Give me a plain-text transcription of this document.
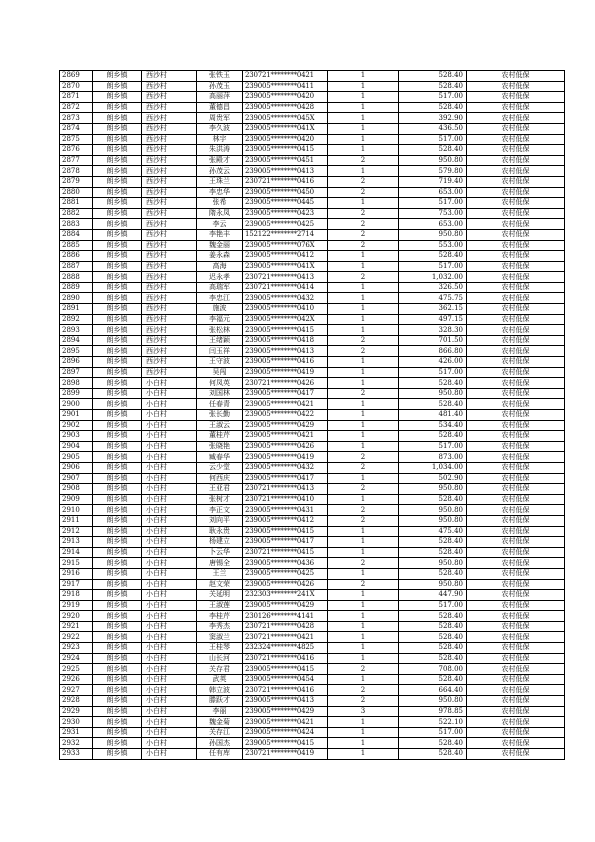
2869	朗乡镇	西沙村	张铁玉	230721********0421	1	528.40	农村低保
2870	朗乡镇	西沙村	孙茂玉	239005********0411	1	528.40	农村低保
2871	朗乡镇	西沙村	高丽萍	239005********0420	1	517.00	农村低保
2872	朗乡镇	西沙村	董德昌	239005********0428	1	528.40	农村低保
2873	朗乡镇	西沙村	周贵军	239005********045X	1	392.90	农村低保
2874	朗乡镇	西沙村	李久波	239005********041X	1	436.50	农村低保
2875	朗乡镇	西沙村	林宇	239005********0420	1	517.00	农村低保
2876	朗乡镇	西沙村	朱洪涛	239005********0415	1	528.40	农村低保
2877	朗乡镇	西沙村	张殿才	239005********0451	2	950.80	农村低保
2878	朗乡镇	西沙村	孙茂云	239005********0413	1	579.80	农村低保
2879	朗乡镇	西沙村	王珠兰	230721********0416	2	719.40	农村低保
2880	朗乡镇	西沙村	李忠华	239005********0450	2	653.00	农村低保
2881	朗乡镇	西沙村	张希	239005********0445	1	517.00	农村低保
2882	朗乡镇	西沙村	隋永凤	239005********0423	2	753.00	农村低保
2883	朗乡镇	西沙村	李云	239005********0425	2	653.00	农村低保
2884	朗乡镇	西沙村	李艳丰	152122********2714	2	950.80	农村低保
2885	朗乡镇	西沙村	魏金丽	239005********076X	2	553.00	农村低保
2886	朗乡镇	西沙村	姜永森	239005********0412	1	528.40	农村低保
2887	朗乡镇	西沙村	高海	239005********041X	1	517.00	农村低保
2888	朗乡镇	西沙村	迟永孝	230721********0413	2	1,032.00	农村低保
2889	朗乡镇	西沙村	高瑞军	230721********0414	1	326.50	农村低保
2890	朗乡镇	西沙村	李忠江	239005********0432	1	475.75	农村低保
2891	朗乡镇	西沙村	施波	239005********0410	1	362.15	农村低保
2892	朗乡镇	西沙村	李福元	239005********042X	1	497.15	农村低保
2893	朗乡镇	西沙村	张松林	239005********0415	1	328.30	农村低保
2894	朗乡镇	西沙村	王绪颖	239005********0418	2	701.50	农村低保
2895	朗乡镇	西沙村	闫玉祥	239005********0413	2	866.80	农村低保
2896	朗乡镇	西沙村	王守波	239005********0416	1	426.00	农村低保
2897	朗乡镇	西沙村	吴闯	239005********0419	1	517.00	农村低保
2898	朗乡镇	小白村	何凤英	230721********0426	1	528.40	农村低保
2899	朗乡镇	小白村	刘国林	239005********0417	2	950.80	农村低保
2900	朗乡镇	小白村	任春青	239005********0421	1	528.40	农村低保
2901	朗乡镇	小白村	张长勤	239005********0422	1	481.40	农村低保
2902	朗乡镇	小白村	王淑云	239005********0429	1	534.40	农村低保
2903	朗乡镇	小白村	董桂芹	239005********0421	1	528.40	农村低保
2904	朗乡镇	小白村	张晓艳	239005********0426	1	517.00	农村低保
2905	朗乡镇	小白村	臧春华	239005********0419	2	873.00	农村低保
2906	朗乡镇	小白村	云少堂	239005********0432	2	1,034.00	农村低保
2907	朗乡镇	小白村	何西庆	239005********0417	1	502.90	农村低保
2908	朗乡镇	小白村	王亚君	230721********0413	2	950.80	农村低保
2909	朗乡镇	小白村	张树才	230721********0410	1	528.40	农村低保
2910	朗乡镇	小白村	李正文	239005********0431	2	950.80	农村低保
2911	朗乡镇	小白村	刘向平	239005********0412	2	950.80	农村低保
2912	朗乡镇	小白村	耿永贵	239005********0415	1	475.40	农村低保
2913	朗乡镇	小白村	杨建立	239005********0417	1	528.40	农村低保
2914	朗乡镇	小白村	卜云华	230721********0415	1	528.40	农村低保
2915	朗乡镇	小白村	唐锡全	239005********0436	2	950.80	农村低保
2916	朗乡镇	小白村	王兰	239005********0425	1	528.40	农村低保
2917	朗乡镇	小白村	赵文荣	239005********0426	2	950.80	农村低保
2918	朗乡镇	小白村	关延明	232303********241X	1	447.90	农村低保
2919	朗乡镇	小白村	王淑莲	239005********0429	1	517.00	农村低保
2920	朗乡镇	小白村	李桂芹	230126********4141	1	528.40	农村低保
2921	朗乡镇	小白村	李秀杰	230721********0428	1	528.40	农村低保
2922	朗乡镇	小白村	窦淑兰	230721********0421	1	528.40	农村低保
2923	朗乡镇	小白村	王桂琴	232324********4825	1	528.40	农村低保
2924	朗乡镇	小白村	山长河	230721********0416	1	528.40	农村低保
2925	朗乡镇	小白村	关存君	239005********0415	2	708.00	农村低保
2926	朗乡镇	小白村	武英	239005********0454	1	528.40	农村低保
2927	朗乡镇	小白村	韩立波	230721********0416	2	664.40	农村低保
2928	朗乡镇	小白村	滕跃才	239005********0413	2	950.80	农村低保
2929	朗乡镇	小白村	李丽	239005********0429	3	978.85	农村低保
2930	朗乡镇	小白村	魏金菊	239005********0421	1	522.10	农村低保
2931	朗乡镇	小白村	关存江	239005********0424	1	517.00	农村低保
2932	朗乡镇	小白村	孙国杰	239005********0415	1	528.40	农村低保
2933	朗乡镇	小白村	任有库	230721********0419	1	528.40	农村低保
